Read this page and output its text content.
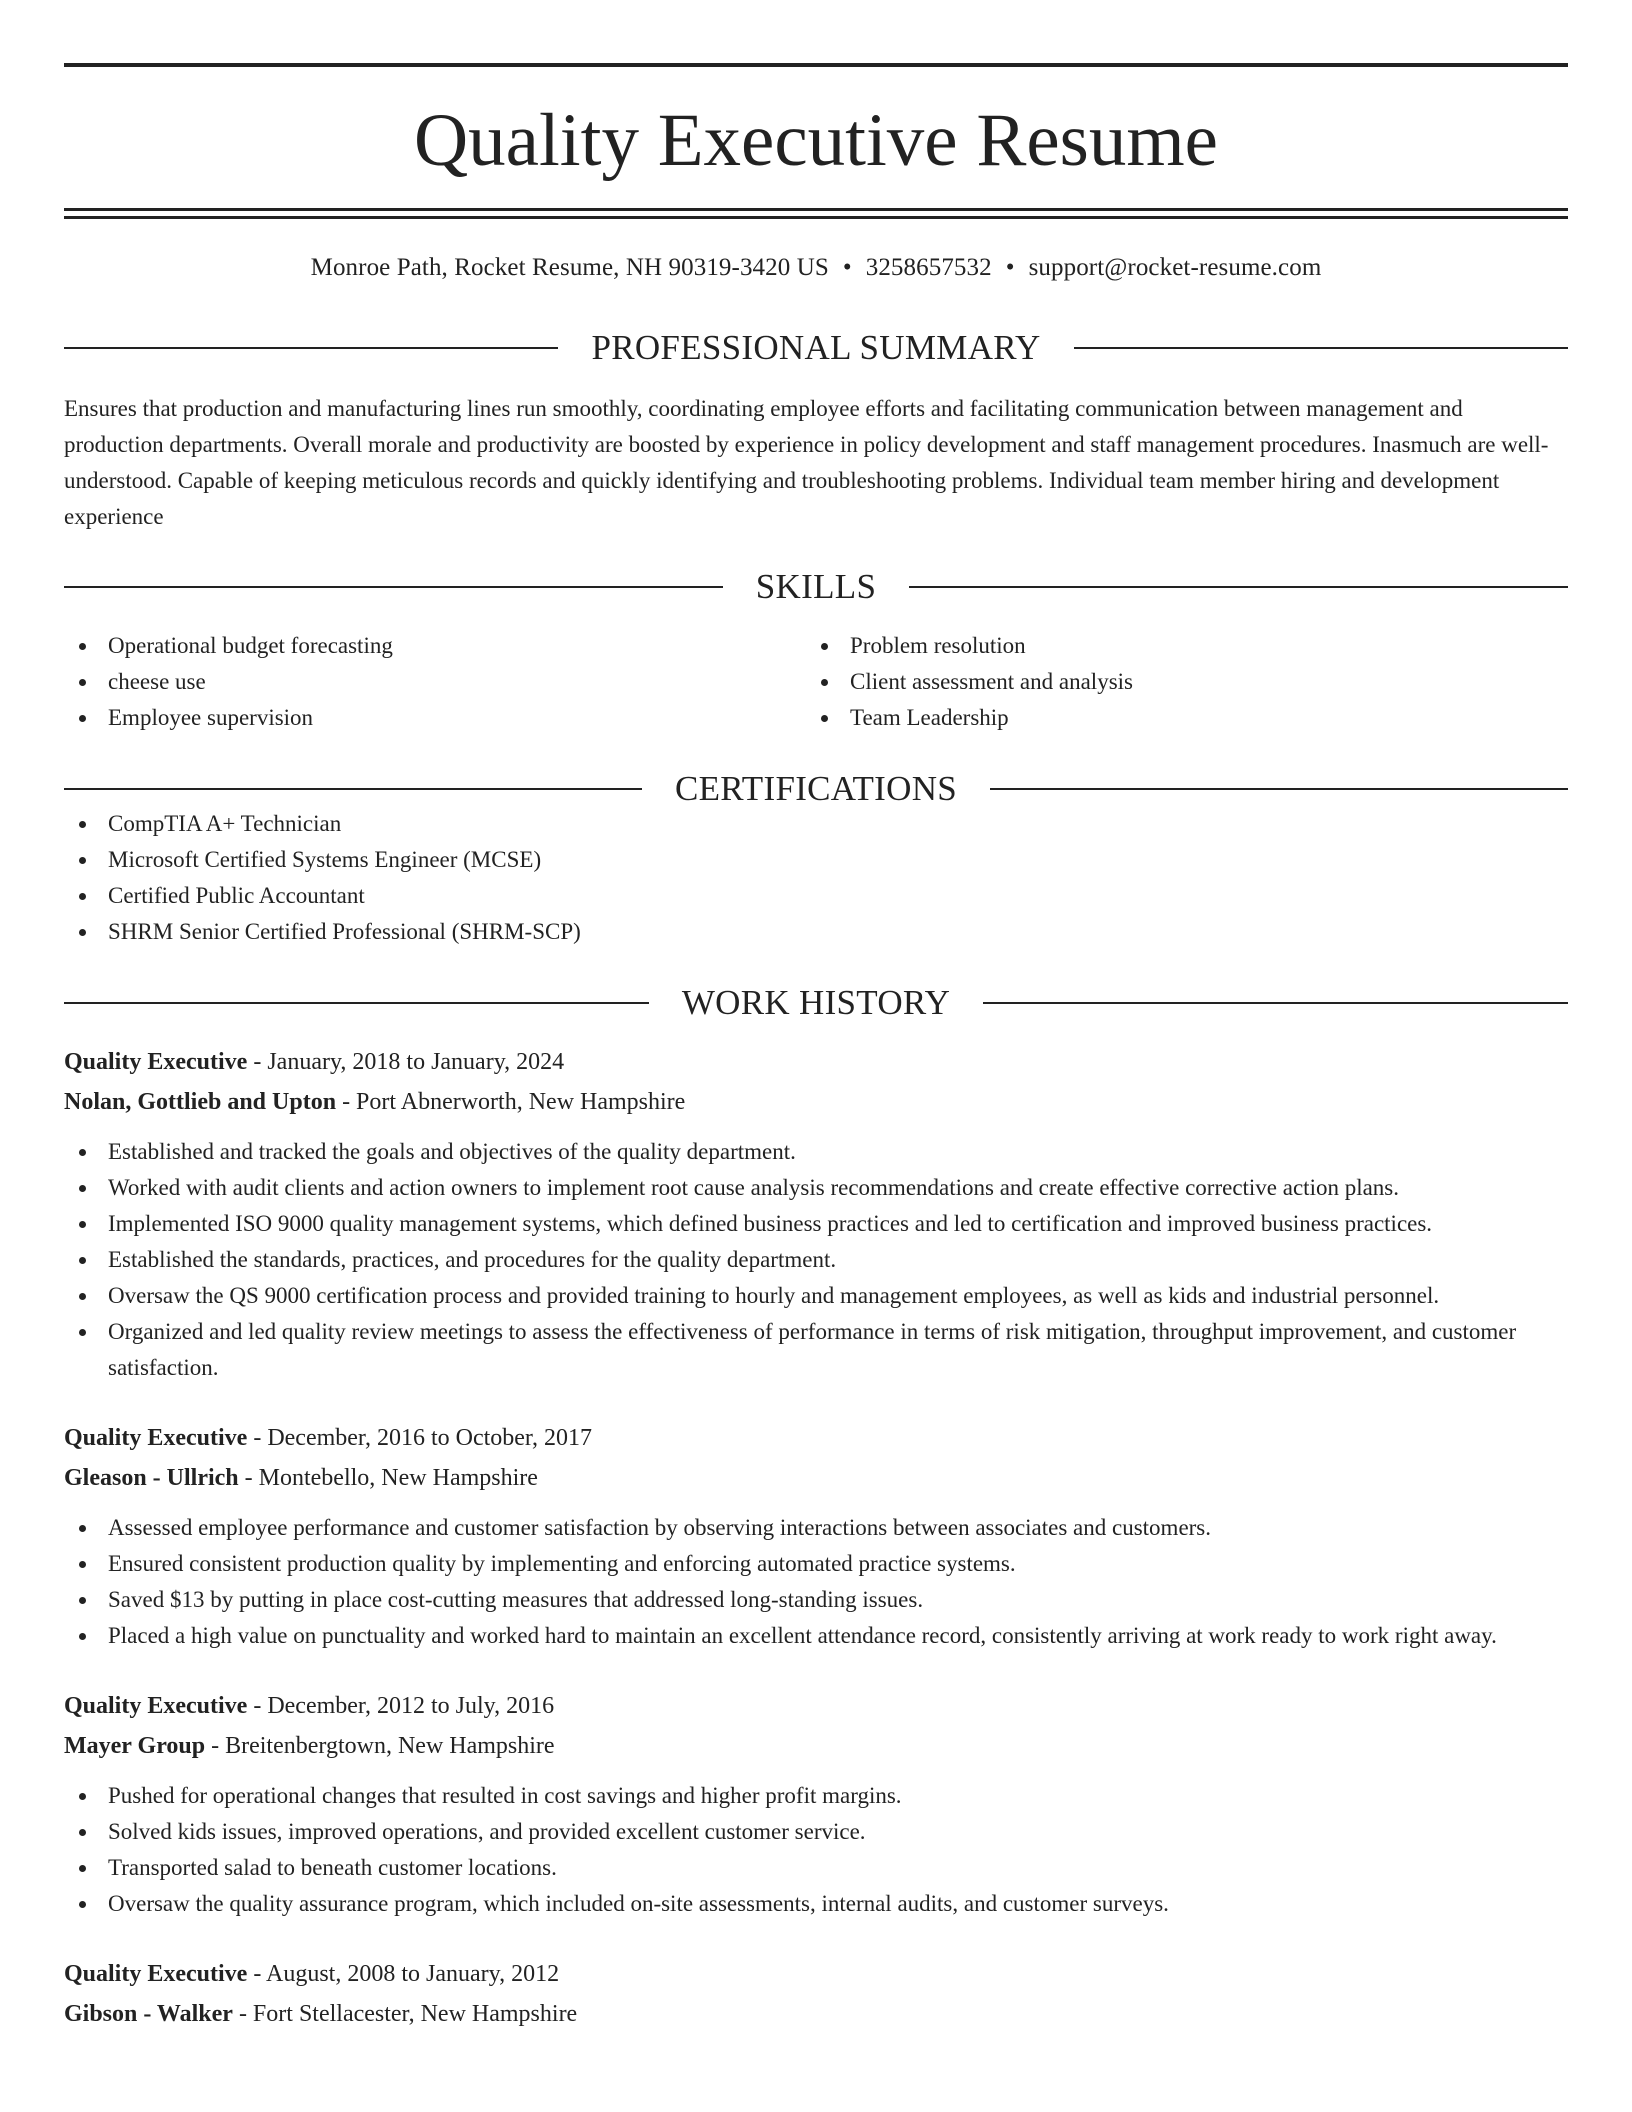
Quality Executive Resume
Monroe Path, Rocket Resume, NH 90319-3420 US • 3258657532 • support@rocket-resume.com
PROFESSIONAL SUMMARY

Ensures that production and manufacturing lines run smoothly, coordinating employee efforts and facilitating communication between management and production departments. Overall morale and productivity are boosted by experience in policy development and staff management procedures. Inasmuch are well-understood. Capable of keeping meticulous records and quickly identifying and troubleshooting problems. Individual team member hiring and development experience

SKILLS
Operational budget forecasting
cheese use
Employee supervision
Problem resolution
Client assessment and analysis
Team Leadership
CERTIFICATIONS
CompTIA A+ Technician
Microsoft Certified Systems Engineer (MCSE)
Certified Public Accountant
SHRM Senior Certified Professional (SHRM-SCP)
WORK HISTORY
Quality Executive - January, 2018 to January, 2024
Nolan, Gottlieb and Upton - Port Abnerworth, New Hampshire
Established and tracked the goals and objectives of the quality department.
Worked with audit clients and action owners to implement root cause analysis recommendations and create effective corrective action plans.
Implemented ISO 9000 quality management systems, which defined business practices and led to certification and improved business practices.
Established the standards, practices, and procedures for the quality department.
Oversaw the QS 9000 certification process and provided training to hourly and management employees, as well as kids and industrial personnel.
Organized and led quality review meetings to assess the effectiveness of performance in terms of risk mitigation, throughput improvement, and customer satisfaction.
Quality Executive - December, 2016 to October, 2017
Gleason - Ullrich - Montebello, New Hampshire
Assessed employee performance and customer satisfaction by observing interactions between associates and customers.
Ensured consistent production quality by implementing and enforcing automated practice systems.
Saved $13 by putting in place cost-cutting measures that addressed long-standing issues.
Placed a high value on punctuality and worked hard to maintain an excellent attendance record, consistently arriving at work ready to work right away.
Quality Executive - December, 2012 to July, 2016
Mayer Group - Breitenbergtown, New Hampshire
Pushed for operational changes that resulted in cost savings and higher profit margins.
Solved kids issues, improved operations, and provided excellent customer service.
Transported salad to beneath customer locations.
Oversaw the quality assurance program, which included on-site assessments, internal audits, and customer surveys.
Quality Executive - August, 2008 to January, 2012
Gibson - Walker - Fort Stellacester, New Hampshire
